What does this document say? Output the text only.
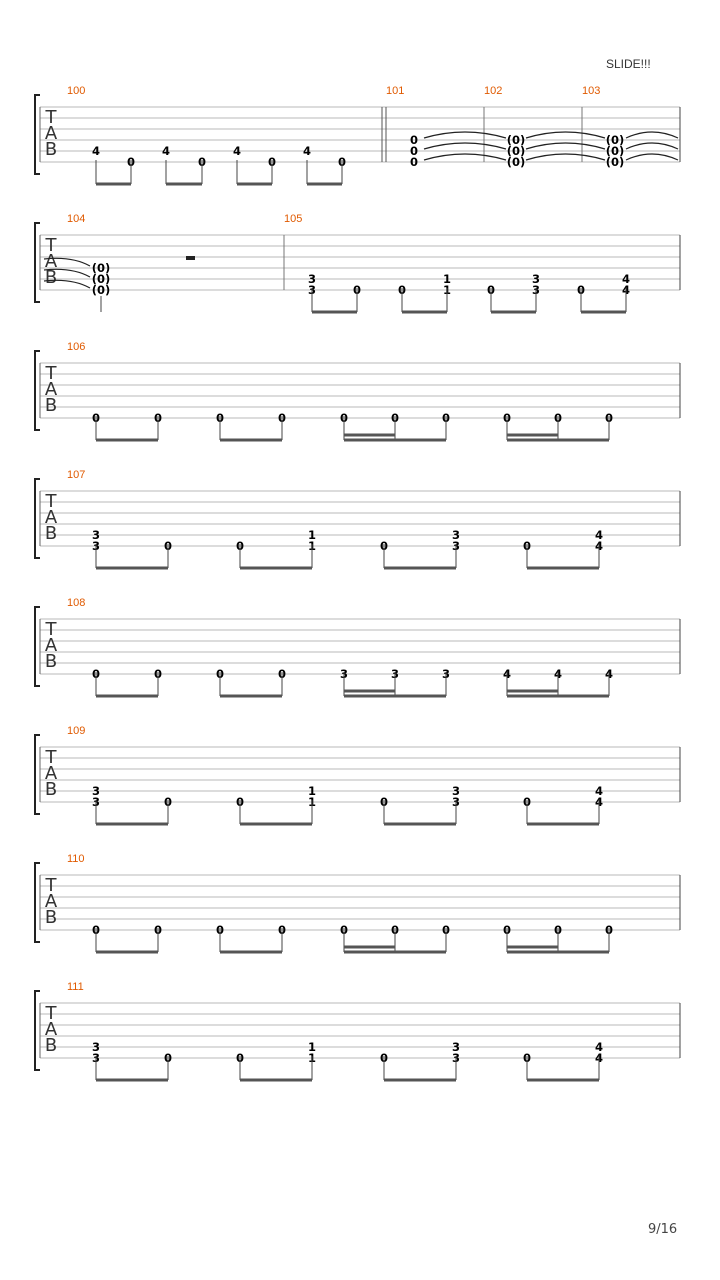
T
A
B
100
4
0
4
0
4
0
4
0
101	102	103
0
0
0
(0)
(0)
(0)
(0)
(0)
(0)
T
A
B
104
(0)
(0)
(0)
105
3
3	0	0
1
1	0
3
3	0
4
4
T
A
B
106
0	0	0	0	0	0	0	0	0	0
T
A
B
107
3
3	0	0
1
1	0
3
3	0
4
4
T
A
B
108
0	0	0	0	3	3	3	4	4	4
T
A
B
109
3
3	0	0
1
1	0
3
3	0
4
4
T
A
B
110
0	0	0	0	0	0	0	0	0	0
T
A
B
111
3
3	0	0
1
1	0
3
3	0
4
4
SLIDE!!!
9/16
